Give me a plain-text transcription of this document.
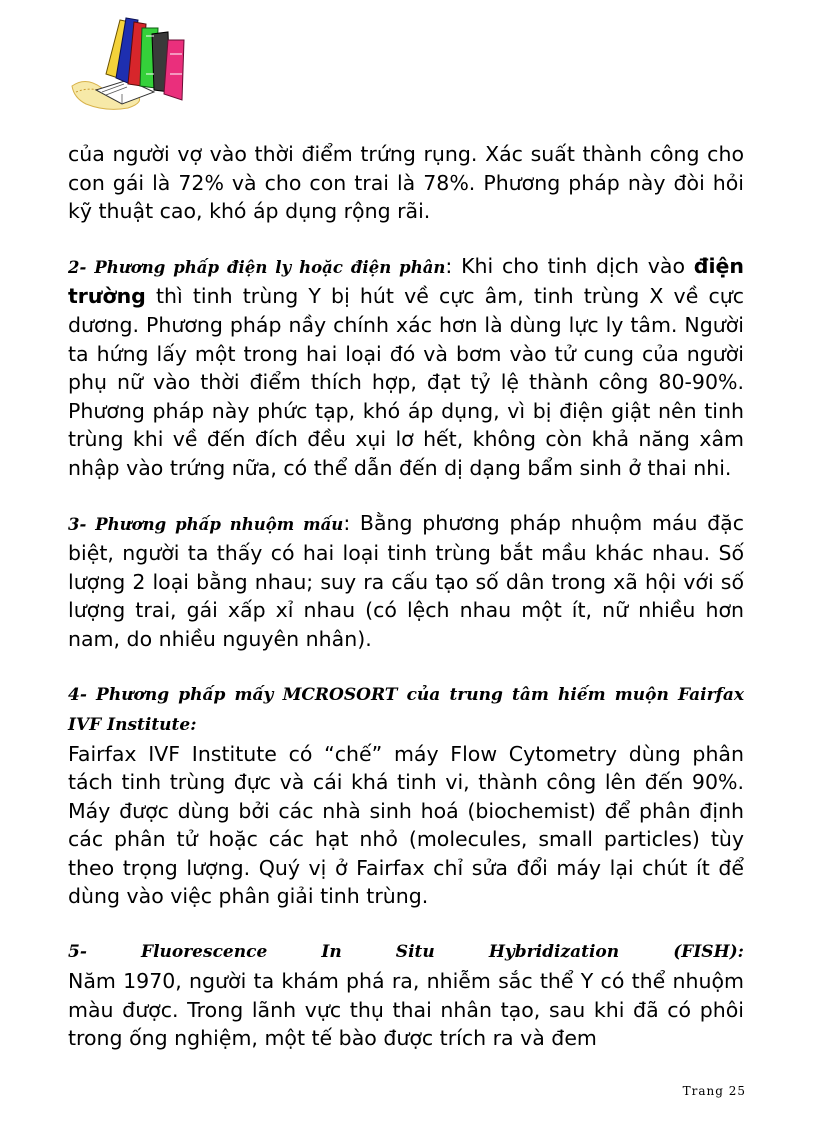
của người vợ vào thời điểm trứng rụng. Xác suất thành công cho con gái là 72% và cho con trai là 78%. Phương pháp này đòi hỏi kỹ thuật cao, khó áp dụng rộng rãi.

2- Phương phấp điện ly hoặc điện phân: Khi cho tinh dịch vào điện trường thì tinh trùng Y bị hút về cực âm, tinh trùng X về cực dương. Phương pháp nầy chính xác hơn là dùng lực ly tâm. Người ta hứng lấy một trong hai loại đó và bơm vào tử cung của người phụ nữ vào thời điểm thích hợp, đạt tỷ lệ thành công 80-90%. Phương pháp này phức tạp, khó áp dụng, vì bị điện giật nên tinh trùng khi về đến đích đều xụi lơ hết, không còn khả năng xâm nhập vào trứng nữa, có thể dẫn đến dị dạng bẩm sinh ở thai nhi.

3- Phương phấp nhuộm mấu: Bằng phương pháp nhuộm máu đặc biệt, người ta thấy có hai loại tinh trùng bắt mầu khác nhau. Số lượng 2 loại bằng nhau; suy ra cấu tạo số dân trong xã hội với số lượng trai, gái xấp xỉ nhau (có lệch nhau một ít, nữ nhiều hơn nam, do nhiều nguyên nhân).

4- Phương phấp mấy MCROSORT của trung tâm hiếm muộn Fairfax IVF Institute:

Fairfax IVF Institute có “chế” máy Flow Cytometry dùng phân tách tinh trùng đực và cái khá tinh vi, thành công lên đến 90%. Máy được dùng bởi các nhà sinh hoá (biochemist) để phân định các phân tử hoặc các hạt nhỏ (molecules, small particles) tùy theo trọng lượng. Quý vị ở Fairfax chỉ sửa đổi máy lại chút ít để dùng vào việc phân giải tinh trùng.

5-	Fluorescence	In	Situ	Hybridization	(FISH):

Năm 1970, người ta khám phá ra, nhiễm sắc thể Y có thể nhuộm màu được. Trong lãnh vực thụ thai nhân tạo, sau khi đã có phôi trong ống nghiệm, một tế bào được trích ra và đem

Trang 25
